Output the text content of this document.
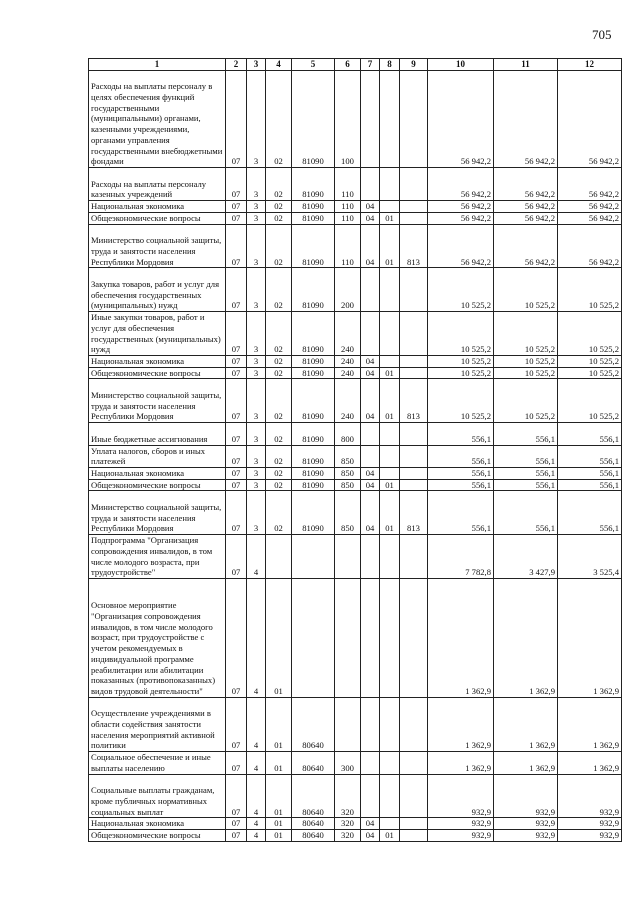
705
1	2	3	4	5	6	7	8	9	10	11	12
Расходы на выплаты персоналу в целях обеспечения функций государственными (муниципальными) органами, казенными учреждениями, органами управления государственными внебюджетными фондами	07	3	02	81090	100				56 942,2	56 942,2	56 942,2
Расходы на выплаты персоналу казенных учреждений	07	3	02	81090	110				56 942,2	56 942,2	56 942,2
Национальная экономика	07	3	02	81090	110	04			56 942,2	56 942,2	56 942,2
Общеэкономические вопросы	07	3	02	81090	110	04	01		56 942,2	56 942,2	56 942,2
Министерство социальной защиты, труда и занятости населения Республики Мордовия	07	3	02	81090	110	04	01	813	56 942,2	56 942,2	56 942,2
Закупка товаров, работ и услуг для обеспечения государственных (муниципальных) нужд	07	3	02	81090	200				10 525,2	10 525,2	10 525,2
Иные закупки товаров, работ и услуг для обеспечения государственных (муниципальных) нужд	07	3	02	81090	240				10 525,2	10 525,2	10 525,2
Национальная экономика	07	3	02	81090	240	04			10 525,2	10 525,2	10 525,2
Общеэкономические вопросы	07	3	02	81090	240	04	01		10 525,2	10 525,2	10 525,2
Министерство социальной защиты, труда и занятости населения Республики Мордовия	07	3	02	81090	240	04	01	813	10 525,2	10 525,2	10 525,2
Иные бюджетные ассигнования	07	3	02	81090	800				556,1	556,1	556,1
Уплата налогов, сборов и иных платежей	07	3	02	81090	850				556,1	556,1	556,1
Национальная экономика	07	3	02	81090	850	04			556,1	556,1	556,1
Общеэкономические вопросы	07	3	02	81090	850	04	01		556,1	556,1	556,1
Министерство социальной защиты, труда и занятости населения Республики Мордовия	07	3	02	81090	850	04	01	813	556,1	556,1	556,1
Подпрограмма "Организация сопровождения инвалидов, в том числе молодого возраста, при трудоустройстве"	07	4							7 782,8	3 427,9	3 525,4
Основное мероприятие "Организация сопровождения инвалидов, в том числе молодого возраст, при трудоустройстве с учетом рекомендуемых в индивидуальной программе реабилитации или абилитации показанных (противопоказанных) видов трудовой деятельности"	07	4	01						1 362,9	1 362,9	1 362,9
Осуществление учреждениями в области содействия занятости населения мероприятий активной политики	07	4	01	80640					1 362,9	1 362,9	1 362,9
Социальное обеспечение и иные выплаты населению	07	4	01	80640	300				1 362,9	1 362,9	1 362,9
Социальные выплаты гражданам, кроме публичных нормативных социальных выплат	07	4	01	80640	320				932,9	932,9	932,9
Национальная экономика	07	4	01	80640	320	04			932,9	932,9	932,9
Общеэкономические вопросы	07	4	01	80640	320	04	01		932,9	932,9	932,9
